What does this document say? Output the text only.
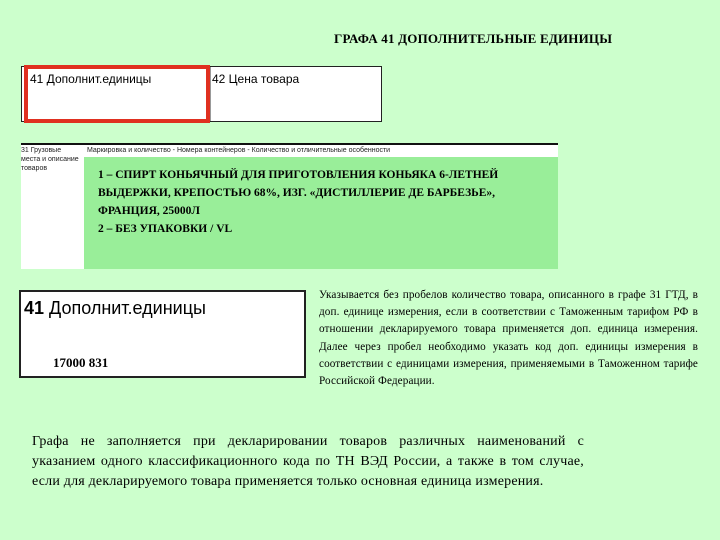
ГРАФА 41 ДОПОЛНИТЕЛЬНЫЕ ЕДИНИЦЫ
41 Дополнит.единицы	42 Цена товара
31 Грузовые места и описание товаров
Маркировка и количество - Номера контейнеров - Количество и отличительные особенности
1 – СПИРТ КОНЬЯЧНЫЙ ДЛЯ ПРИГОТОВЛЕНИЯ КОНЬЯКА 6-ЛЕТНЕЙ ВЫДЕРЖКИ, КРЕПОСТЬЮ 68%, ИЗГ. «ДИСТИЛЛЕРИЕ ДЕ БАРБЕЗЬЕ», ФРАНЦИЯ, 25000Л
2 – БЕЗ УПАКОВКИ / VL
41 Дополнит.единицы
17000 831
Указывается без пробелов количество товара, описанного в графе 31 ГТД, в доп. единице измерения, если в соответствии с Таможенным тарифом РФ в отношении декларируемого товара применяется доп. единица измерения. Далее через пробел необходимо указать код доп. единицы измерения в соответствии с единицами измерения, применяемыми в Таможенном тарифе Российской Федерации.
Графа не заполняется при декларировании товаров различных наименований с указанием одного классификационного кода по ТН ВЭД России, а также в том случае, если для декларируемого товара применяется только основная единица измерения.
